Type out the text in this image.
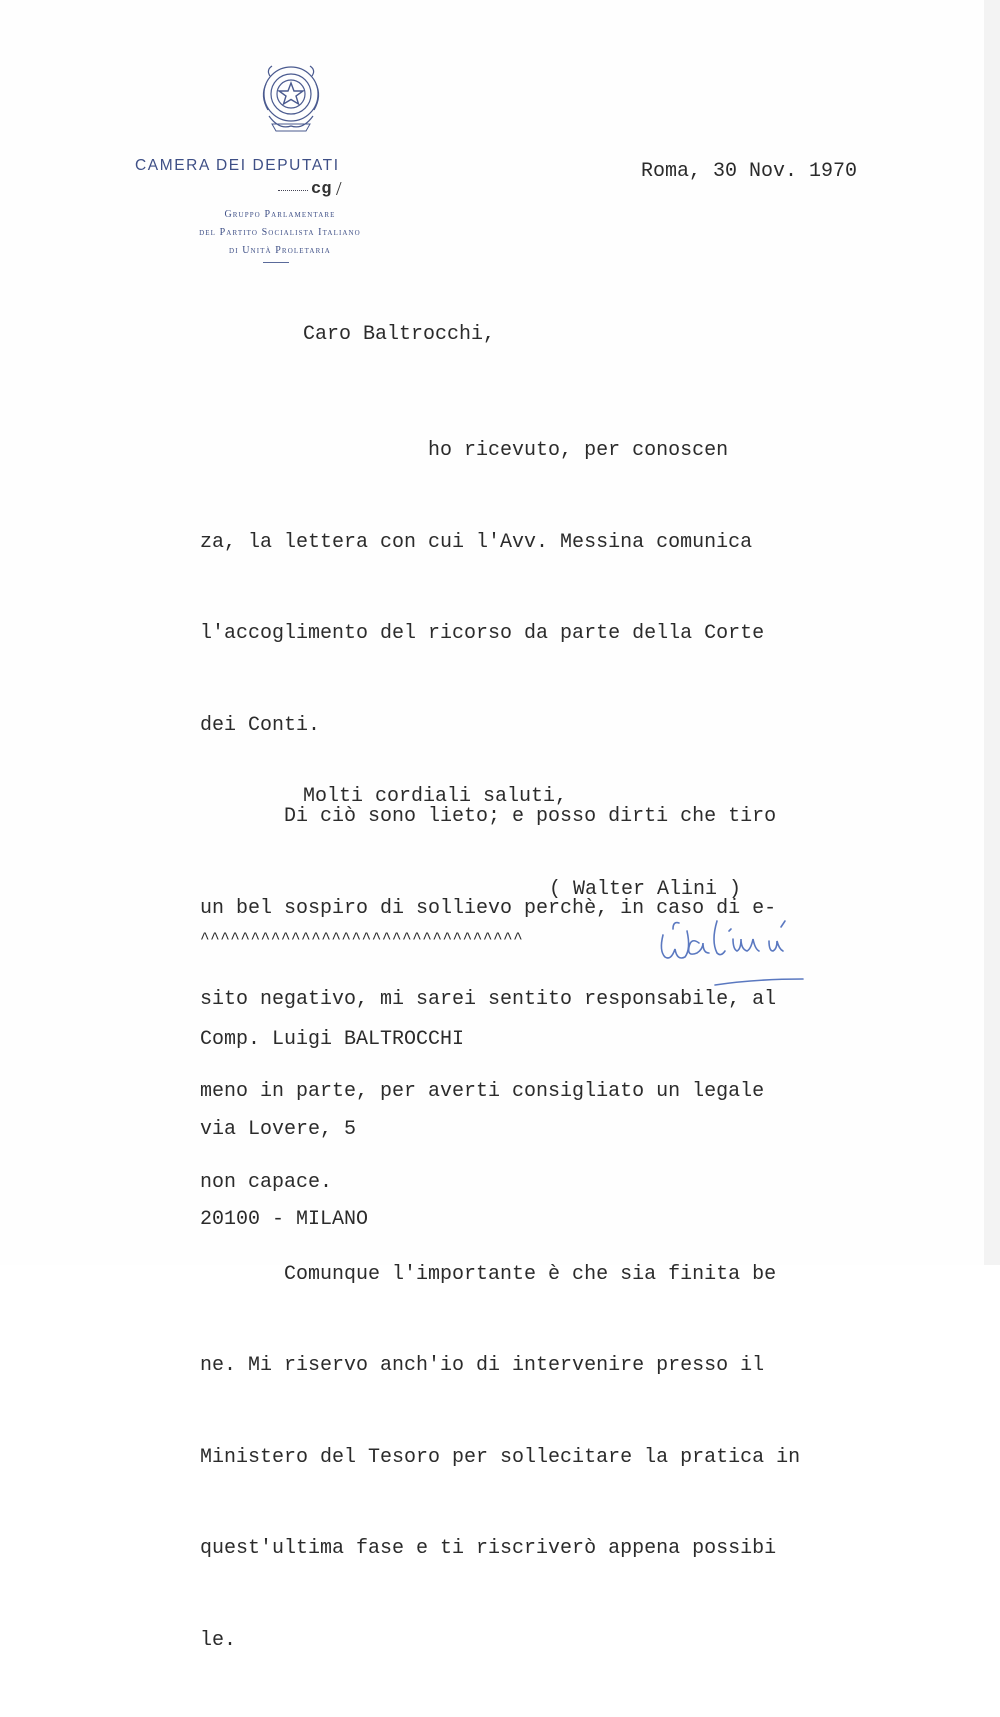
CAMERA DEI DEPUTATI
cg /
Gruppo Parlamentare
del Partito Socialista Italiano
di Unità Proletaria
Roma, 30 Nov. 1970
Caro Baltrocchi,

ho ricevuto, per conoscen

za, la lettera con cui l'Avv. Messina comunica

l'accoglimento del ricorso da parte della Corte

dei Conti.

Di ciò sono lieto; e posso dirti che tiro

un bel sospiro di sollievo perchè, in caso di e-

sito negativo, mi sarei sentito responsabile, al

meno in parte, per averti consigliato un legale

non capace.

Comunque l'importante è che sia finita be

ne. Mi riservo anch'io di intervenire presso il

Ministero del Tesoro per sollecitare la pratica in

quest'ultima fase e ti riscriverò appena possibi

le.

Molti cordiali saluti,
( Walter Alini )
^^^^^^^^^^^^^^^^^^^^^^^^^^^^^^^^

Comp. Luigi BALTROCCHI

via Lovere, 5

20100 - MILANO
